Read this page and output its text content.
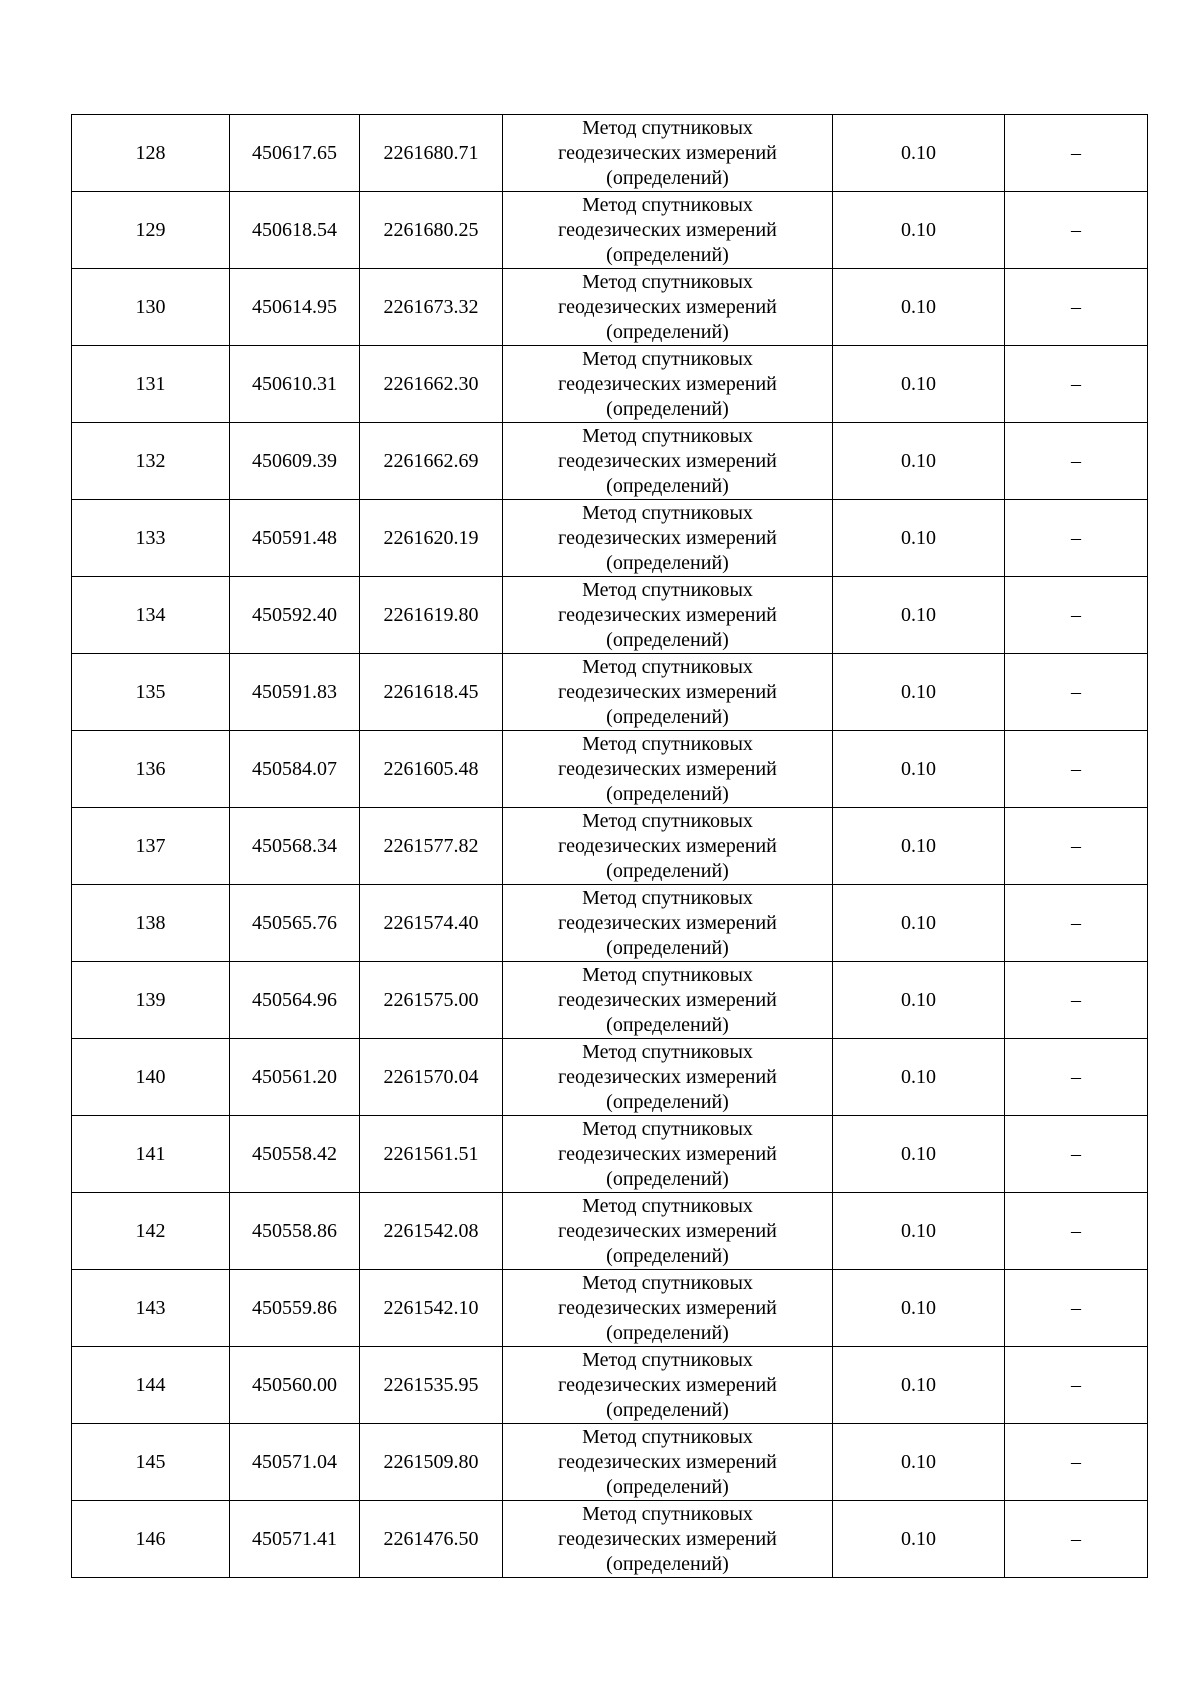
128	450617.65	2261680.71	Метод спутниковых геодезических измерений (определений)	0.10	–
129	450618.54	2261680.25	Метод спутниковых геодезических измерений (определений)	0.10	–
130	450614.95	2261673.32	Метод спутниковых геодезических измерений (определений)	0.10	–
131	450610.31	2261662.30	Метод спутниковых геодезических измерений (определений)	0.10	–
132	450609.39	2261662.69	Метод спутниковых геодезических измерений (определений)	0.10	–
133	450591.48	2261620.19	Метод спутниковых геодезических измерений (определений)	0.10	–
134	450592.40	2261619.80	Метод спутниковых геодезических измерений (определений)	0.10	–
135	450591.83	2261618.45	Метод спутниковых геодезических измерений (определений)	0.10	–
136	450584.07	2261605.48	Метод спутниковых геодезических измерений (определений)	0.10	–
137	450568.34	2261577.82	Метод спутниковых геодезических измерений (определений)	0.10	–
138	450565.76	2261574.40	Метод спутниковых геодезических измерений (определений)	0.10	–
139	450564.96	2261575.00	Метод спутниковых геодезических измерений (определений)	0.10	–
140	450561.20	2261570.04	Метод спутниковых геодезических измерений (определений)	0.10	–
141	450558.42	2261561.51	Метод спутниковых геодезических измерений (определений)	0.10	–
142	450558.86	2261542.08	Метод спутниковых геодезических измерений (определений)	0.10	–
143	450559.86	2261542.10	Метод спутниковых геодезических измерений (определений)	0.10	–
144	450560.00	2261535.95	Метод спутниковых геодезических измерений (определений)	0.10	–
145	450571.04	2261509.80	Метод спутниковых геодезических измерений (определений)	0.10	–
146	450571.41	2261476.50	Метод спутниковых геодезических измерений (определений)	0.10	–
